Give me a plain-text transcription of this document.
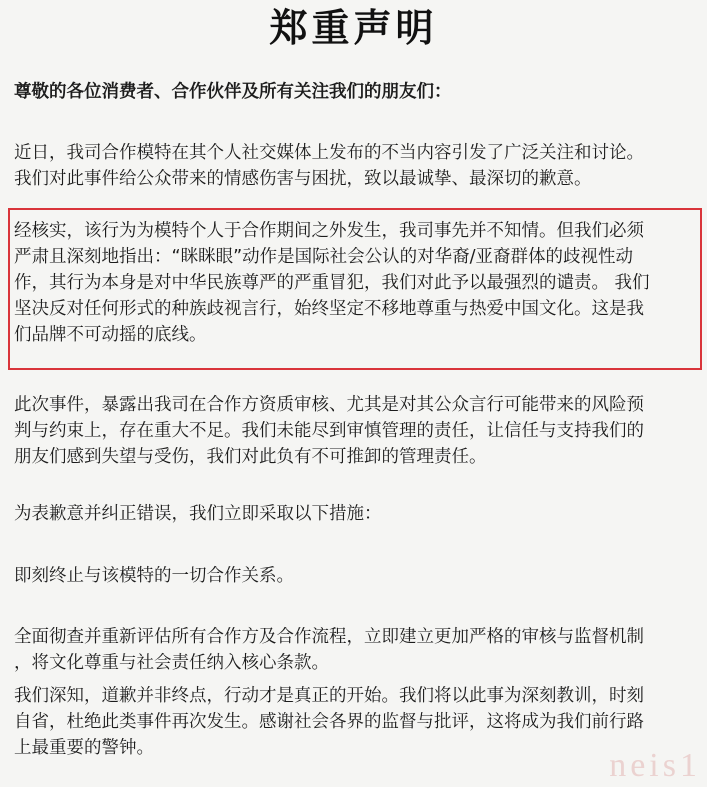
郑重声明
尊敬的各位消费者、合作伙伴及所有关注我们的朋友们：
近日，我司合作模特在其个人社交媒体上发布的不当内容引发了广泛关注和讨论。
我们对此事件给公众带来的情感伤害与困扰，致以最诚挚、最深切的歉意。
经核实，该行为为模特个人于合作期间之外发生，我司事先并不知情。但我们必须
严肃且深刻地指出：“眯眯眼”动作是国际社会公认的对华裔/亚裔群体的歧视性动
作，其行为本身是对中华民族尊严的严重冒犯，我们对此予以最强烈的谴责。 我们
坚决反对任何形式的种族歧视言行，始终坚定不移地尊重与热爱中国文化。这是我
们品牌不可动摇的底线。
此次事件，暴露出我司在合作方资质审核、尤其是对其公众言行可能带来的风险预
判与约束上，存在重大不足。我们未能尽到审慎管理的责任，让信任与支持我们的
朋友们感到失望与受伤，我们对此负有不可推卸的管理责任。
为表歉意并纠正错误，我们立即采取以下措施：
即刻终止与该模特的一切合作关系。
全面彻查并重新评估所有合作方及合作流程，立即建立更加严格的审核与监督机制
，将文化尊重与社会责任纳入核心条款。
我们深知，道歉并非终点，行动才是真正的开始。我们将以此事为深刻教训，时刻
自省，杜绝此类事件再次发生。感谢社会各界的监督与批评，这将成为我们前行路
上最重要的警钟。	neis1
